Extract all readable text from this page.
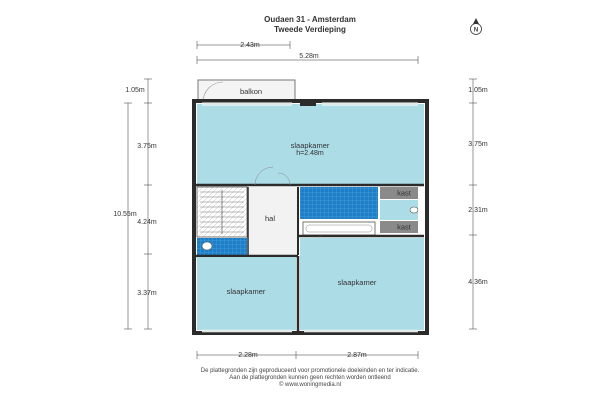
Oudaen 31 - Amsterdam
Tweede Verdieping	N
2.43m
5.28m
1.05m
3.75m
10.55m
4.24m
3.37m
1.05m
3.75m
2.31m
4.36m
2.28m	2.87m
balkon
slaapkamer
h=2.48m
hal
kast
kast
slaapkamer
slaapkamer
De plattegronden zijn geproduceerd voor promotionele doeleinden en ter indicatie.
Aan de plattegronden kunnen geen rechten worden ontleend
© www.woningmedia.nl
